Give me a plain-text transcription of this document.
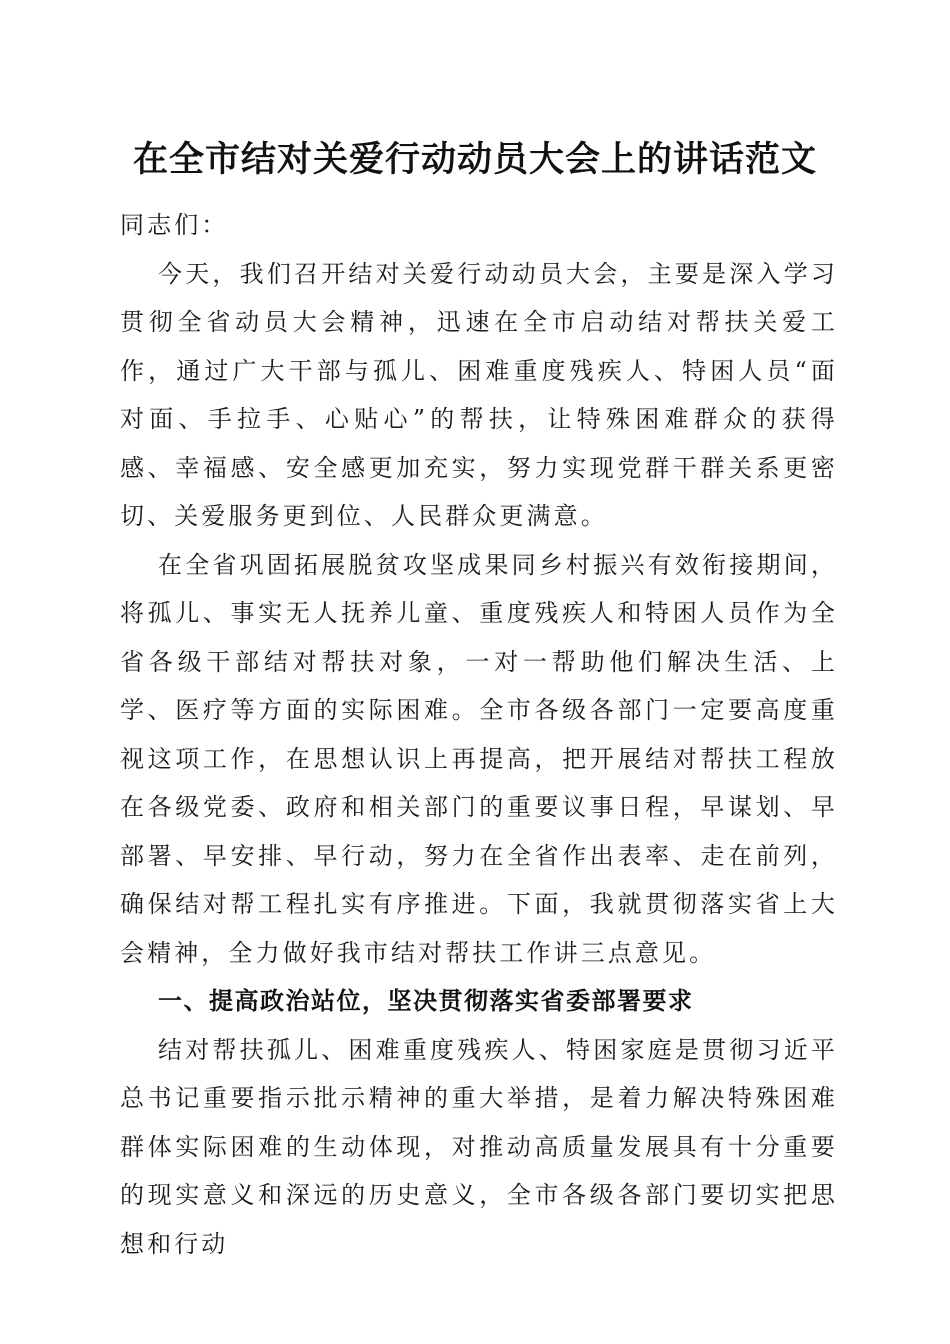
在全市结对关爱行动动员大会上的讲话范文

同志们：

今天，我们召开结对关爱行动动员大会，主要是深入学习贯彻全省动员大会精神，迅速在全市启动结对帮扶关爱工作，通过广大干部与孤儿、困难重度残疾人、特困人员“面对面、手拉手、心贴心”的帮扶，让特殊困难群众的获得感、幸福感、安全感更加充实，努力实现党群干群关系更密切、关爱服务更到位、人民群众更满意。

在全省巩固拓展脱贫攻坚成果同乡村振兴有效衔接期间，将孤儿、事实无人抚养儿童、重度残疾人和特困人员作为全省各级干部结对帮扶对象，一对一帮助他们解决生活、上学、医疗等方面的实际困难。全市各级各部门一定要高度重视这项工作，在思想认识上再提高，把开展结对帮扶工程放在各级党委、政府和相关部门的重要议事日程，早谋划、早部署、早安排、早行动，努力在全省作出表率、走在前列，确保结对帮工程扎实有序推进。下面，我就贯彻落实省上大会精神，全力做好我市结对帮扶工作讲三点意见。

一、提高政治站位，坚决贯彻落实省委部署要求

结对帮扶孤儿、困难重度残疾人、特困家庭是贯彻习近平总书记重要指示批示精神的重大举措，是着力解决特殊困难群体实际困难的生动体现，对推动高质量发展具有十分重要的现实意义和深远的历史意义，全市各级各部门要切实把思想和行动
